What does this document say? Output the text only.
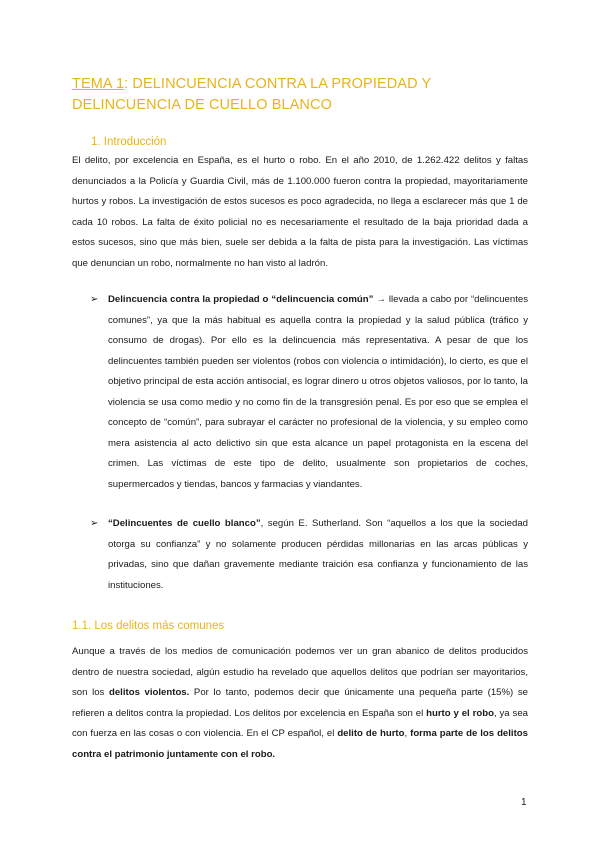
TEMA 1: DELINCUENCIA CONTRA LA PROPIEDAD Y DELINCUENCIA DE CUELLO BLANCO
1. Introducción
El delito, por excelencia en España, es el hurto o robo. En el año 2010, de 1.262.422 delitos y faltas denunciados a la Policía y Guardia Civil, más de 1.100.000 fueron contra la propiedad, mayoritariamente hurtos y robos. La investigación de estos sucesos es poco agradecida, no llega a esclarecer más que 1 de cada 10 robos. La falta de éxito policial no es necesariamente el resultado de la baja prioridad dada a estos sucesos, sino que más bien, suele ser debida a la falta de pista para la investigación. Las víctimas que denuncian un robo, normalmente no han visto al ladrón.
➢ Delincuencia contra la propiedad o “delincuencia común” → llevada a cabo por “delincuentes comunes”, ya que la más habitual es aquella contra la propiedad y la salud pública (tráfico y consumo de drogas). Por ello es la delincuencia más representativa. A pesar de que los delincuentes también pueden ser violentos (robos con violencia o intimidación), lo cierto, es que el objetivo principal de esta acción antisocial, es lograr dinero u otros objetos valiosos, por lo tanto, la violencia se usa como medio y no como fin de la transgresión penal. Es por eso que se emplea el concepto de “común”, para subrayar el carácter no profesional de la violencia, y su empleo como mera asistencia al acto delictivo sin que esta alcance un papel protagonista en la escena del crimen. Las víctimas de este tipo de delito, usualmente son propietarios de coches, supermercados y tiendas, bancos y farmacias y viandantes.
➢ “Delincuentes de cuello blanco”, según E. Sutherland. Son “aquellos a los que la sociedad otorga su confianza” y no solamente producen pérdidas millonarias en las arcas públicas y privadas, sino que dañan gravemente mediante traición esa confianza y funcionamiento de las instituciones.
1.1. Los delitos más comunes
Aunque a través de los medios de comunicación podemos ver un gran abanico de delitos producidos dentro de nuestra sociedad, algún estudio ha revelado que aquellos delitos que podrían ser mayoritarios, son los delitos violentos. Por lo tanto, podemos decir que únicamente una pequeña parte (15%) se refieren a delitos contra la propiedad. Los delitos por excelencia en España son el hurto y el robo, ya sea con fuerza en las cosas o con violencia. En el CP español, el delito de hurto, forma parte de los delitos contra el patrimonio juntamente con el robo.
1
